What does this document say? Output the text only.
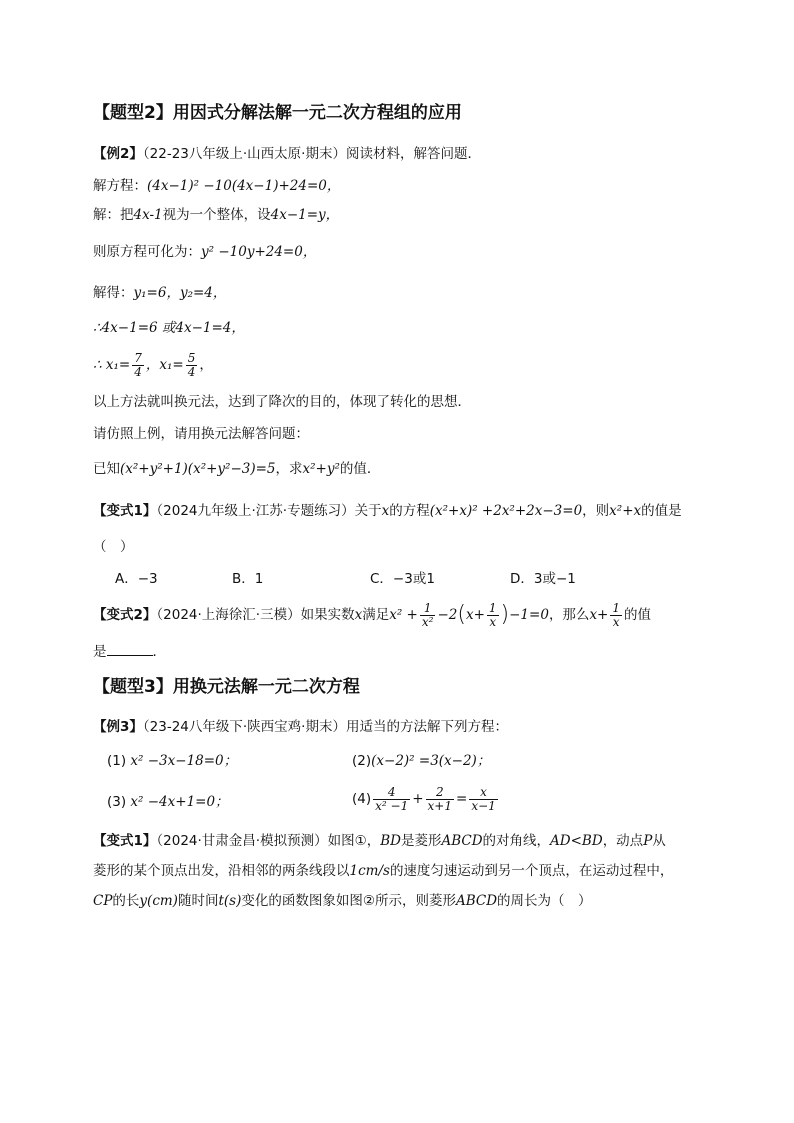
【题型2】用因式分解法解一元二次方程组的应用
【例2】（22-23八年级上·山西太原·期末）阅读材料，解答问题．
解方程：(4x−1)² −10(4x−1)+24=0，
解：把4x-1视为一个整体，设4x−1=y，
则原方程可化为：y² −10y+24=0，
解得：y₁=6，y₂=4，
∴4x−1=6 或4x−1=4，
∴ $x_1= \frac{7}{4}$ ，$x_1= \frac{5}{4}$ ，
以上方法就叫换元法，达到了降次的目的，体现了转化的思想．
请仿照上例，请用换元法解答问题：
已知(x²+y²+1)(x²+y²−3)=5，求x²+y²的值．
【变式1】（2024九年级上·江苏·专题练习）关于x的方程(x²+x)² +2x²+2x−3=0，则x²+x的值是
（　）
A．−3	B．1	C．−3或1	D．3或−1
【变式2】（2024·上海徐汇·三模）如果实数x满足$x^2 + \frac{1}{\text{x²}} -2(x+ \frac{1}{x} )-1=0$，那么$x+ \frac{1}{x}$ 的值
是	．
【题型3】用换元法解一元二次方程
【例3】（23-24八年级下·陕西宝鸡·期末）用适当的方法解下列方程：
(1) x² −3x−18=0；	(2)(x−2)² =3(x−2)；
(3) x² −4x+1=0；	$(4) \frac{4}{\text{x² −1}} + \frac{2}{x+1} = \frac{x}{x-1}$
【变式1】（2024·甘肃金昌·模拟预测）如图①，BD是菱形ABCD的对角线，AD<BD，动点P从
菱形的某个顶点出发，沿相邻的两条线段以1cm/s的速度匀速运动到另一个顶点，在运动过程中，
CP的长y(cm)随时间t(s)变化的函数图象如图②所示，则菱形ABCD的周长为（　）
